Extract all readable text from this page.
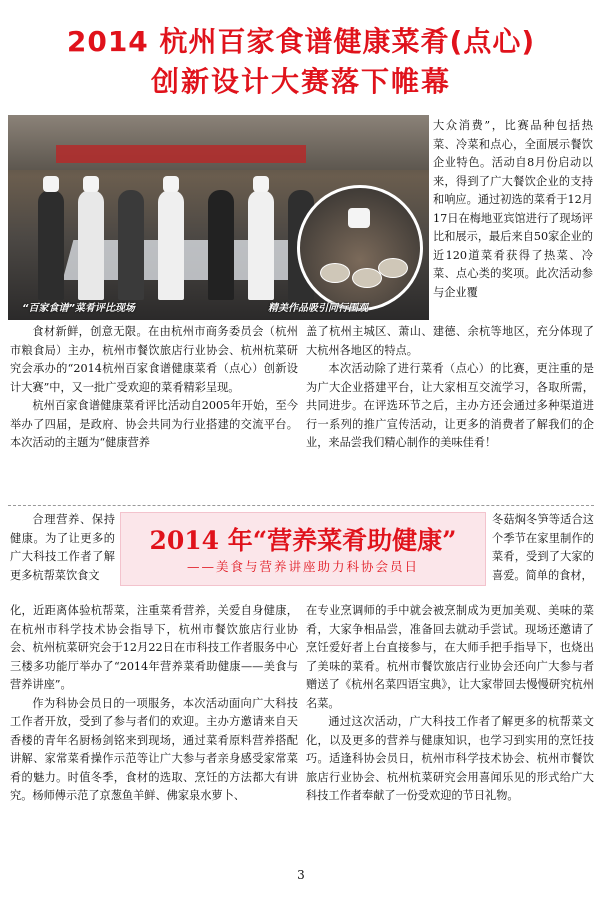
2014 杭州百家食谱健康菜肴(点心)
创新设计大赛落下帷幕
“百家食谱”菜肴评比现场	精美作品吸引同行围观

大众消费”，比赛品种包括热菜、冷菜和点心，全面展示餐饮企业特色。活动自8月份启动以来，得到了广大餐饮企业的支持和响应。通过初选的菜肴于12月17日在梅地亚宾馆进行了现场评比和展示，最后来自50家企业的近120道菜肴获得了热菜、冷菜、点心类的奖项。此次活动参与企业覆

食材新鲜，创意无限。在由杭州市商务委员会（杭州市粮食局）主办，杭州市餐饮旅店行业协会、杭州杭菜研究会承办的“2014杭州百家食谱健康菜肴（点心）创新设计大赛”中，又一批广受欢迎的菜肴精彩呈现。

杭州百家食谱健康菜肴评比活动自2005年开始，至今举办了四届，是政府、协会共同为行业搭建的交流平台。本次活动的主题为“健康营养

盖了杭州主城区、萧山、建德、余杭等地区，充分体现了大杭州各地区的特点。

本次活动除了进行菜肴（点心）的比赛，更注重的是为广大企业搭建平台，让大家相互交流学习，各取所需，共同进步。在评选环节之后，主办方还会通过多种渠道进行一系列的推广宣传活动，让更多的消费者了解我们的企业，来品尝我们精心制作的美味佳肴！

合理营养、保持健康。为了让更多的广大科技工作者了解更多杭帮菜饮食文

2014 年“营养菜肴助健康”
——美食与营养讲座助力科协会员日

冬菇焖冬笋等适合这个季节在家里制作的菜肴，受到了大家的喜爱。简单的食材，

化，近距离体验杭帮菜，注重菜肴营养，关爱自身健康，在杭州市科学技术协会指导下，杭州市餐饮旅店行业协会、杭州杭菜研究会于12月22日在市科技工作者服务中心三楼多功能厅举办了“2014年营养菜肴助健康——美食与营养讲座”。

作为科协会员日的一项服务，本次活动面向广大科技工作者开放，受到了参与者们的欢迎。主办方邀请来自天香楼的青年名厨杨剑铭来到现场，通过菜肴原料营养搭配讲解、家常菜肴操作示范等让广大参与者亲身感受家常菜肴的魅力。时值冬季，食材的选取、烹饪的方法都大有讲究。杨师傅示范了京葱鱼羊鲜、佛家泉水萝卜、

在专业烹调师的手中就会被烹制成为更加美观、美味的菜肴，大家争相品尝，准备回去就动手尝试。现场还邀请了烹饪爱好者上台直接参与，在大师手把手指导下，也烧出了美味的菜肴。杭州市餐饮旅店行业协会还向广大参与者赠送了《杭州名菜四语宝典》，让大家带回去慢慢研究杭州名菜。

通过这次活动，广大科技工作者了解更多的杭帮菜文化，以及更多的营养与健康知识，也学习到实用的烹饪技巧。适逢科协会员日，杭州市科学技术协会、杭州市餐饮旅店行业协会、杭州杭菜研究会用喜闻乐见的形式给广大科技工作者奉献了一份受欢迎的节日礼物。

3
